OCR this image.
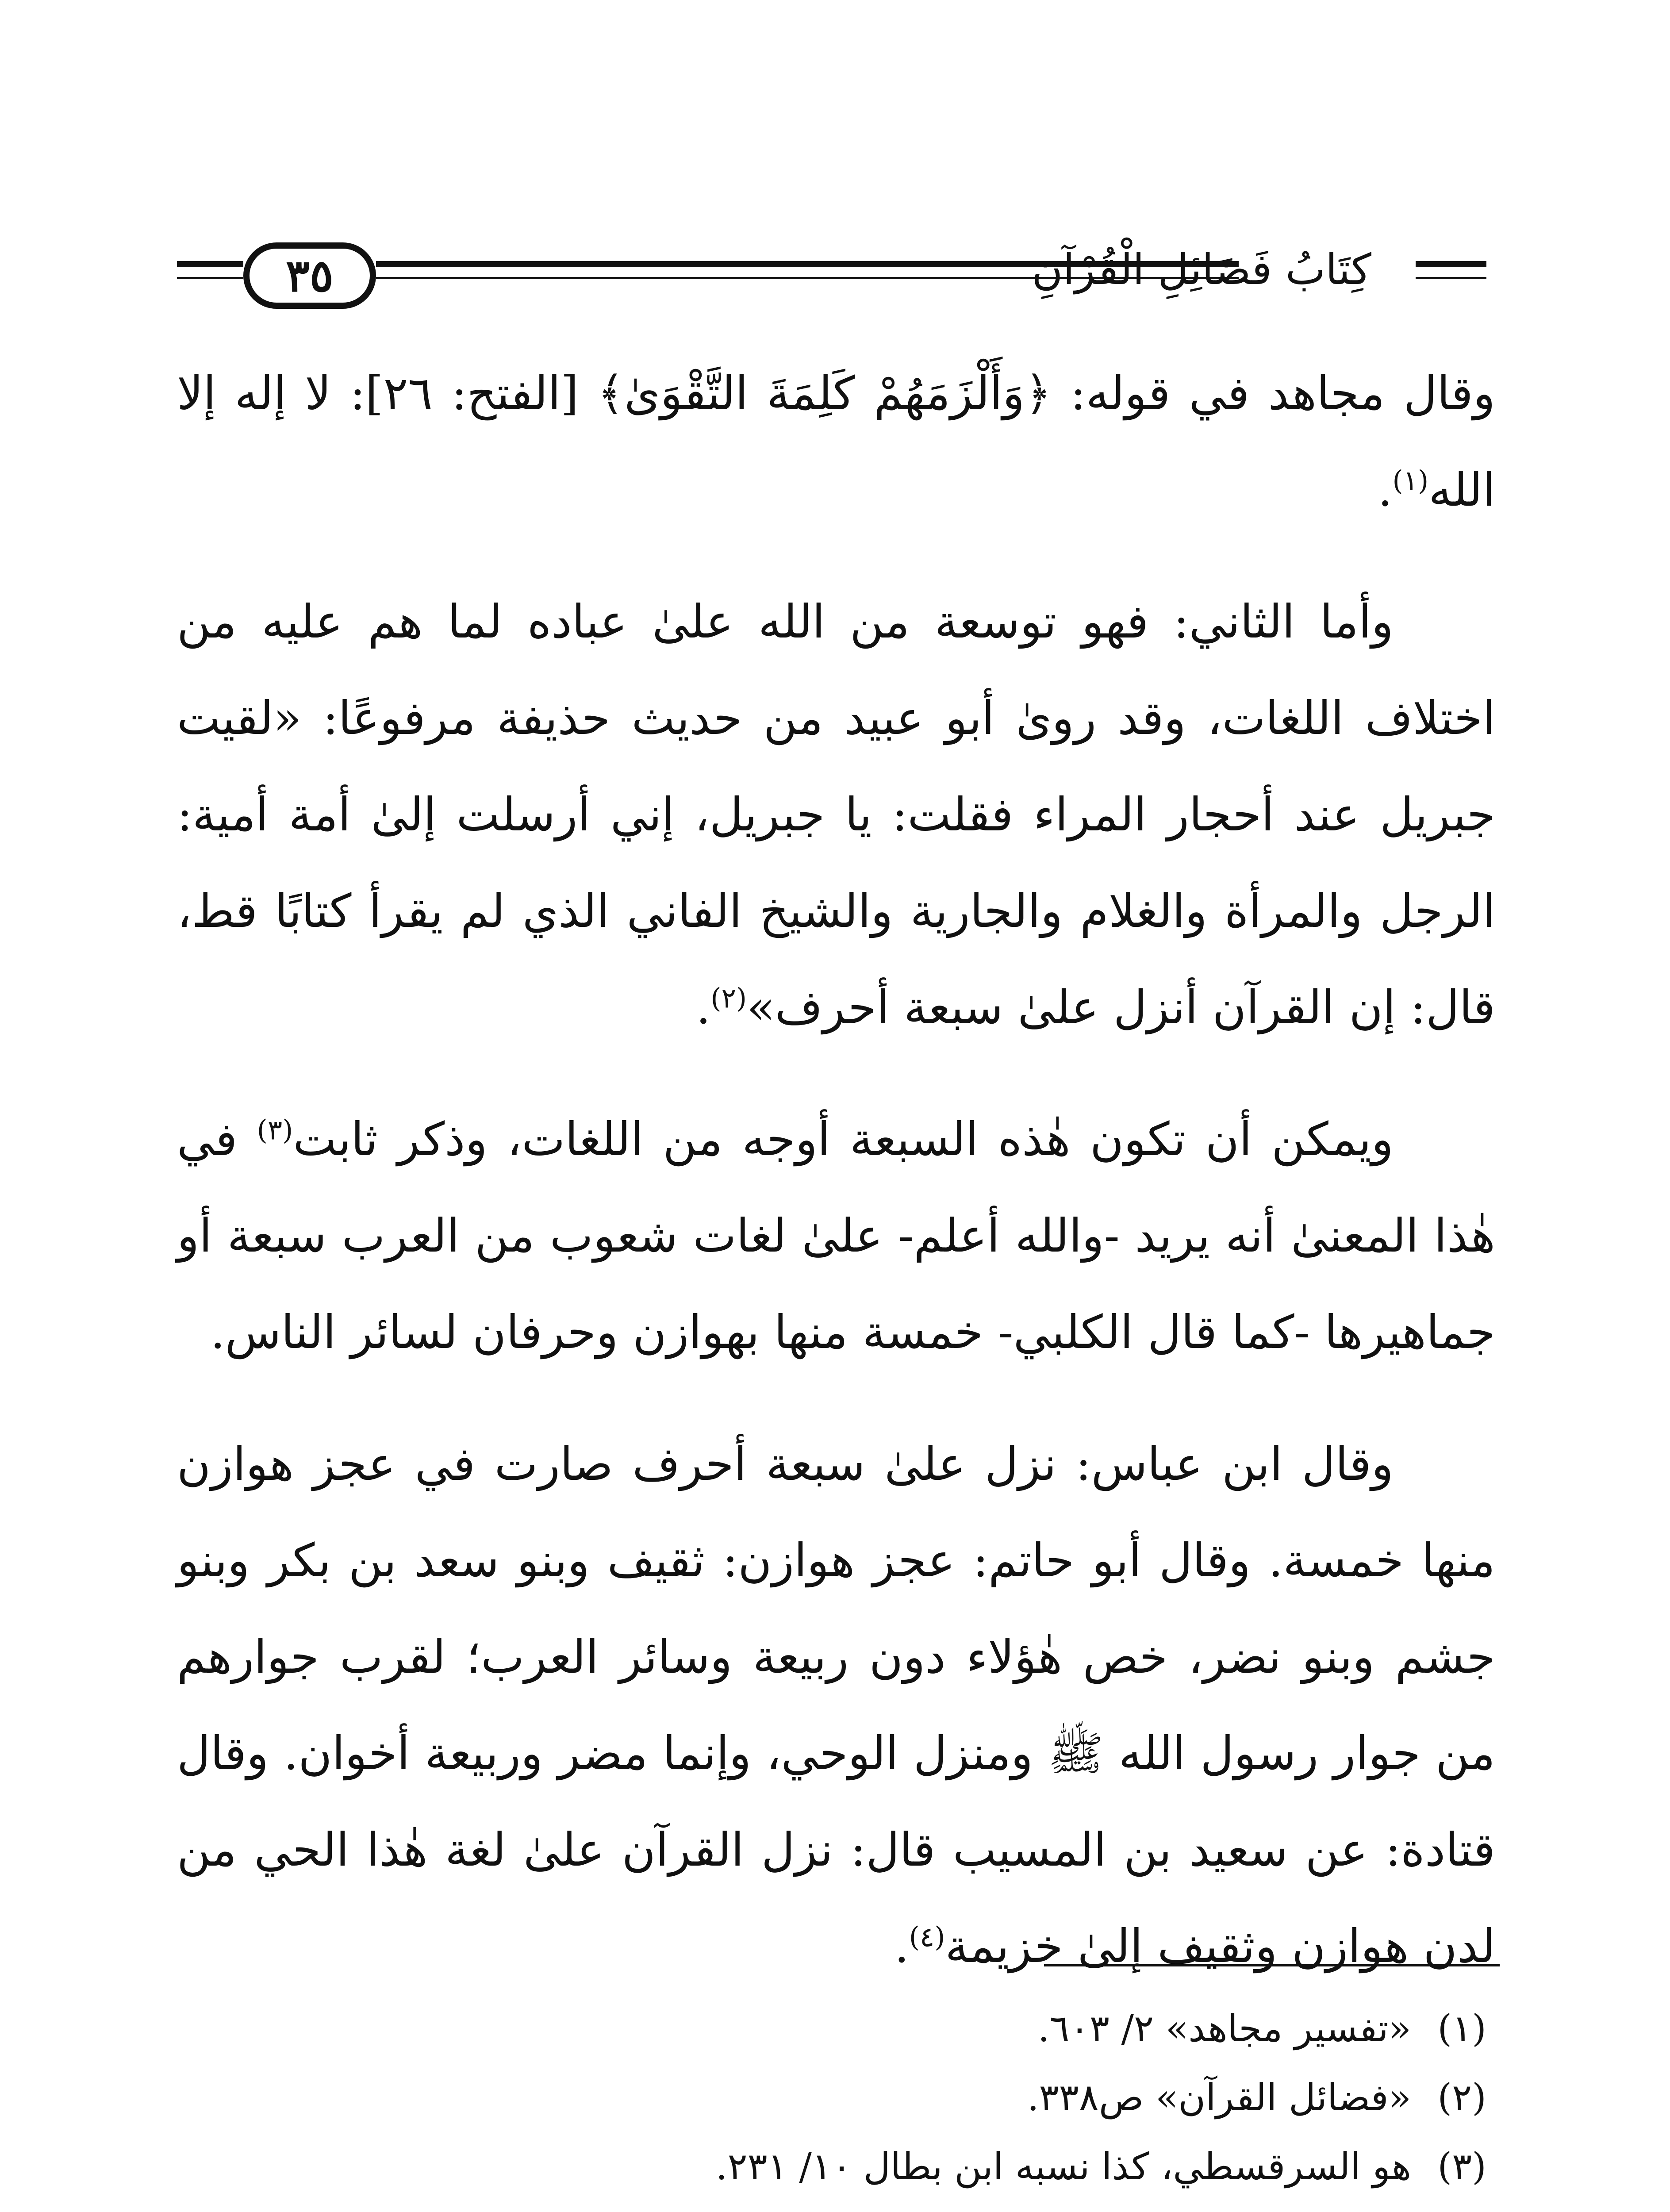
٣٥	كِتَابُ فَضَائِلِ الْقُرْآنِ

وقال مجاهد في قوله: ﴿وَأَلْزَمَهُمْ كَلِمَةَ التَّقْوَىٰ﴾ [الفتح: ٢٦]: لا إله إلا الله$^{(١)}$.

وأما الثاني: فهو توسعة من الله علىٰ عباده لما هم عليه من اختلاف اللغات، وقد روىٰ أبو عبيد من حديث حذيفة مرفوعًا: «لقيت جبريل عند أحجار المراء فقلت: يا جبريل، إني أرسلت إلىٰ أمة أمية: الرجل والمرأة والغلام والجارية والشيخ الفاني الذي لم يقرأ كتابًا قط، قال: إن القرآن أنزل علىٰ سبعة أحرف»$^{(٢)}$.

ويمكن أن تكون هٰذه السبعة أوجه من اللغات، وذكر ثابت$^{(٣)}$ في هٰذا المعنىٰ أنه يريد -والله أعلم- علىٰ لغات شعوب من العرب سبعة أو جماهيرها -كما قال الكلبي- خمسة منها بهوازن وحرفان لسائر الناس.

وقال ابن عباس: نزل علىٰ سبعة أحرف صارت في عجز هوازن منها خمسة. وقال أبو حاتم: عجز هوازن: ثقيف وبنو سعد بن بكر وبنو جشم وبنو نضر، خص هٰؤلاء دون ربيعة وسائر العرب؛ لقرب جوارهم من جوار رسول الله ﷺ ومنزل الوحي، وإنما مضر وربيعة أخوان. وقال قتادة: عن سعيد بن المسيب قال: نزل القرآن علىٰ لغة هٰذا الحي من لدن هوازن وثقيف إلىٰ خزيمة$^{(٤)}$.

(١)
«تفسير مجاهد» ٢/ ٦٠٣.
(٢)
«فضائل القرآن» ص٣٣٨.
(٣)
هو السرقسطي، كذا نسبه ابن بطال ١٠/ ٢٣١.
